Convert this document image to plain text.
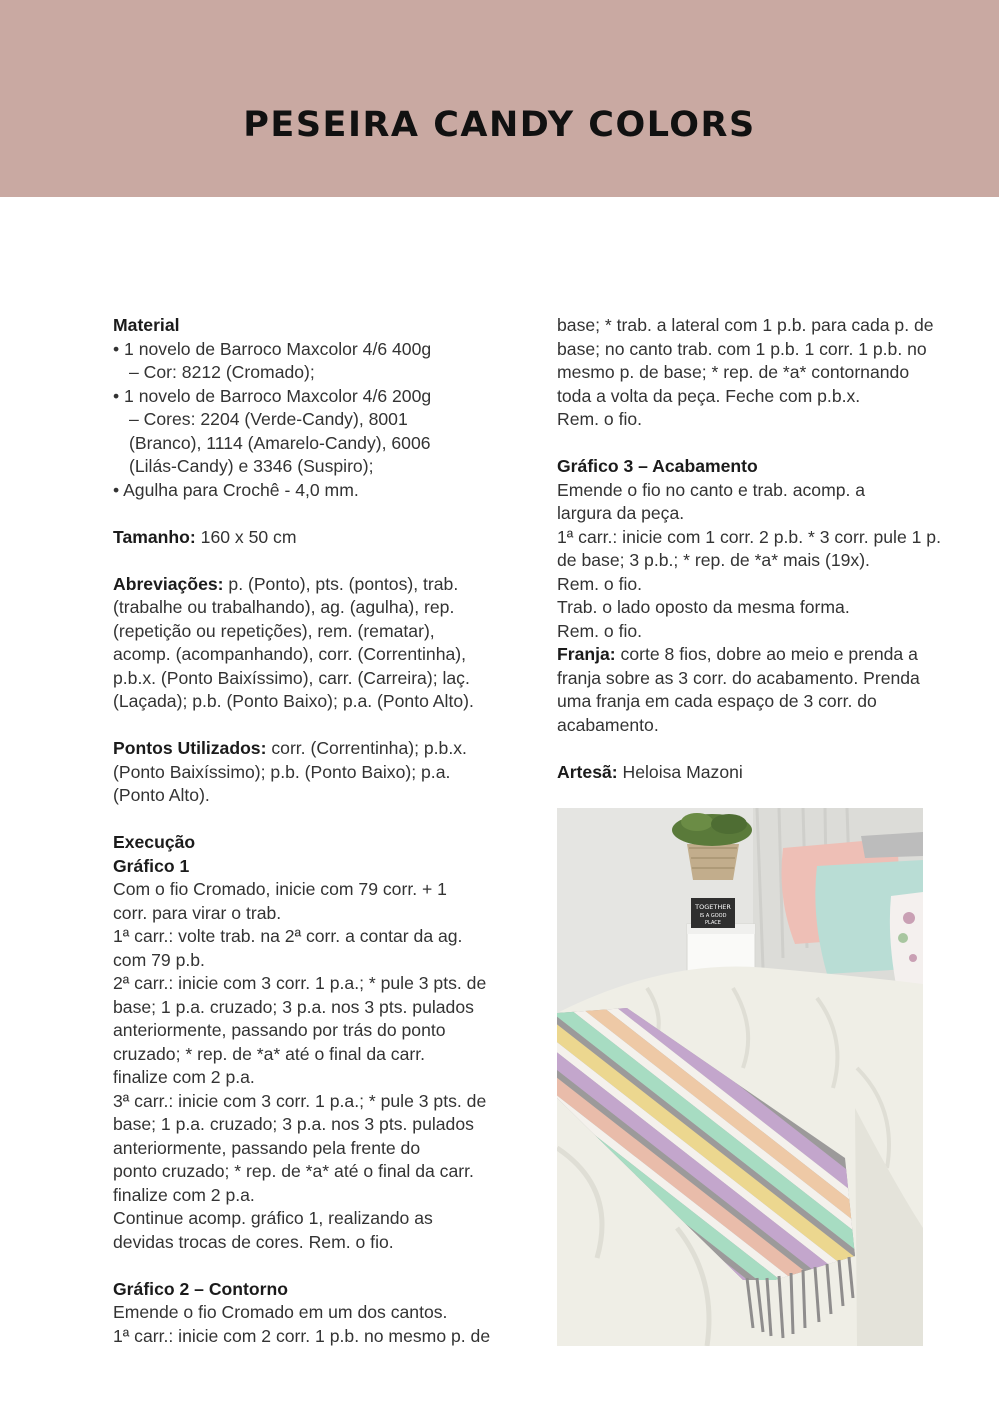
PESEIRA CANDY COLORS
Material
• 1 novelo de Barroco Maxcolor 4/6 400g
– Cor: 8212 (Cromado);
• 1 novelo de Barroco Maxcolor 4/6 200g
– Cores: 2204 (Verde-Candy), 8001
(Branco), 1114 (Amarelo-Candy), 6006
(Lilás-Candy) e 3346 (Suspiro);
• Agulha para Crochê - 4,0 mm.
Tamanho: 160 x 50 cm
Abreviações: p. (Ponto), pts. (pontos), trab.
(trabalhe ou trabalhando), ag. (agulha), rep.
(repetição ou repetições), rem. (rematar),
acomp. (acompanhando), corr. (Correntinha),
p.b.x. (Ponto Baixíssimo), carr. (Carreira); laç.
(Laçada); p.b. (Ponto Baixo); p.a. (Ponto Alto).
Pontos Utilizados: corr. (Correntinha); p.b.x.
(Ponto Baixíssimo); p.b. (Ponto Baixo); p.a.
(Ponto Alto).
Execução
Gráfico 1
Com o fio Cromado, inicie com 79 corr. + 1
corr. para virar o trab.
1ª carr.: volte trab. na 2ª corr. a contar da ag.
com 79 p.b.
2ª carr.: inicie com 3 corr. 1 p.a.; * pule 3 pts. de
base; 1 p.a. cruzado; 3 p.a. nos 3 pts. pulados
anteriormente, passando por trás do ponto
cruzado; * rep. de *a* até o final da carr.
finalize com 2 p.a.
3ª carr.: inicie com 3 corr. 1 p.a.; * pule 3 pts. de
base; 1 p.a. cruzado; 3 p.a. nos 3 pts. pulados
anteriormente, passando pela frente do
ponto cruzado; * rep. de *a* até o final da carr.
finalize com 2 p.a.
Continue acomp. gráfico 1, realizando as
devidas trocas de cores. Rem. o fio.
Gráfico 2 – Contorno
Emende o fio Cromado em um dos cantos.
1ª carr.: inicie com 2 corr. 1 p.b. no mesmo p. de
base; * trab. a lateral com 1 p.b. para cada p. de
base; no canto trab. com 1 p.b. 1 corr. 1 p.b. no
mesmo p. de base; * rep. de *a* contornando
toda a volta da peça. Feche com p.b.x.
Rem. o fio.
Gráfico 3 – Acabamento
Emende o fio no canto e trab. acomp. a
largura da peça.
1ª carr.: inicie com 1 corr. 2 p.b. * 3 corr. pule 1 p.
de base; 3 p.b.; * rep. de *a* mais (19x).
Rem. o fio.
Trab. o lado oposto da mesma forma.
Rem. o fio.
Franja: corte 8 fios, dobre ao meio e prenda a
franja sobre as 3 corr. do acabamento. Prenda
uma franja em cada espaço de 3 corr. do
acabamento.
Artesã: Heloisa Mazoni
TOGETHER
IS A GOOD
PLACE
